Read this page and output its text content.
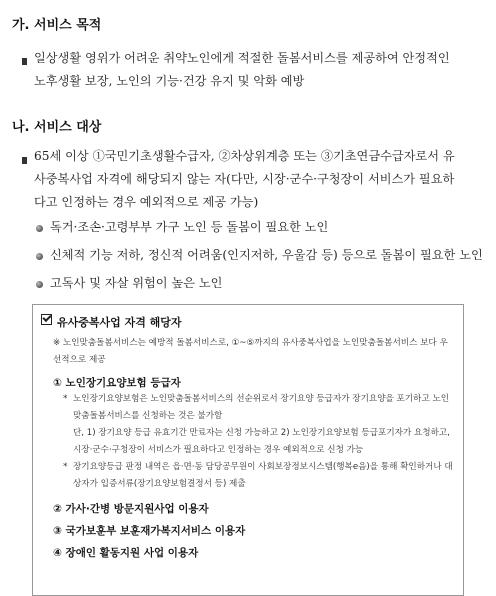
가. 서비스 목적
일상생활 영위가 어려운 취약노인에게 적절한 돌봄서비스를 제공하여 안정적인 노후생활 보장, 노인의 기능·건강 유지 및 악화 예방
나. 서비스 대상
65세 이상 ①국민기초생활수급자, ②차상위계층 또는 ③기초연금수급자로서 유사중복사업 자격에 해당되지 않는 자(다만, 시장·군수·구청장이 서비스가 필요하다고 인정하는 경우 예외적으로 제공 가능)
독거·조손·고령부부 가구 노인 등 돌봄이 필요한 노인
신체적 기능 저하, 정신적 어려움(인지저하, 우울감 등) 등으로 돌봄이 필요한 노인
고독사 및 자살 위험이 높은 노인
유사중복사업 자격 해당자
※ 노인맞춤돌봄서비스는 예방적 돌봄서비스로, ①~⑤까지의 유사중복사업을 노인맞춤돌봄서비스 보다 우선적으로 제공
① 노인장기요양보험 등급자
* 노인장기요양보험은 노인맞춤돌봄서비스의 선순위로서 장기요양 등급자가 장기요양을 포기하고 노인맞춤돌봄서비스를 신청하는 것은 불가함
단, 1) 장기요양 등급 유효기간 만료자는 신청 가능하고 2) 노인장기요양보험 등급포기자가 요청하고, 시장·군수·구청장이 서비스가 필요하다고 인정하는 경우 예외적으로 신청 가능
* 장기요양등급 판정 내역은 읍·면·동 담당공무원이 사회보장정보시스템(행복e음)을 통해 확인하거나 대상자가 입증서류(장기요양보험결정서 등) 제출
② 가사·간병 방문지원사업 이용자
③ 국가보훈부 보훈재가복지서비스 이용자
④ 장애인 활동지원 사업 이용자
